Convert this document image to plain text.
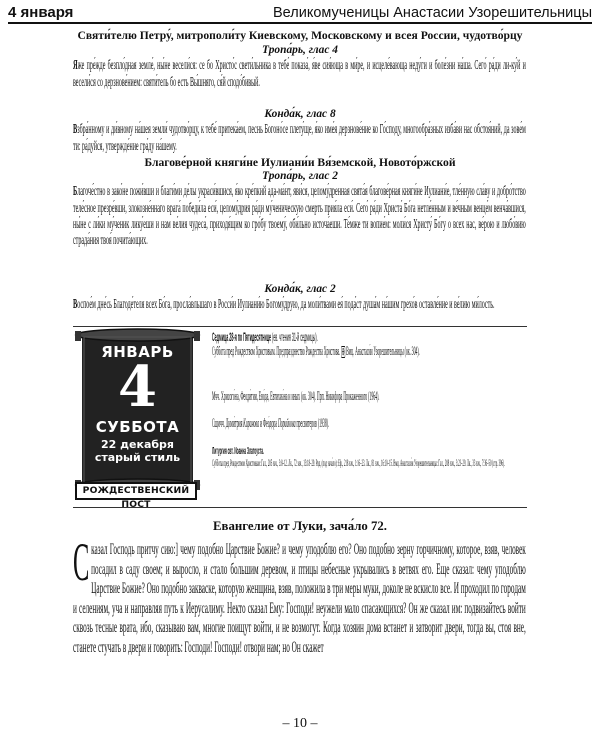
4 января	Великомученицы Анастасии Узорешительницы
Святи́телю Петру́, митрополи́ту Киевскому, Московскому и всея России, чудотво́рцу
Тропа́рь, глас 4
Яже пре́жде безпло́дная земле́, ны́не весели́ся: се бо Христо́с свети́льника в тебе́ показа́, я́ве сия́юща в ми́ре, и исцеле́вающа неду́ги и боле́зни на́ша. Сего́ ра́ди ли-ку́й и весели́ся со дерзнове́нием: святи́тель бо есть Вы́шняго, ся́й сподо́бивый.
Конда́к, глас 8
Взбра́нному и ди́вному на́шея земли́ чудотво́рцу, к тебе́ притека́ем, песнь Богоно́се плету́ще, я́ко име́я дерзнове́ние ко Го́споду, многообра́зных изба́ви нас обстоя́ний, да зове́м ти: ра́дуйся, утвержде́ние гра́ду на́шему.
Благове́рной княги́не Иулиани́и Вя́земской, Новото́ржской
Тропа́рь, глас 2
Благоче́стно в зако́не пожи́вши и благи́ми де́лы украси́вшися, я́ко кре́пкий ада-ма́нт, яви́ся, целому́дренная свята́я благове́рная княги́не Иулиани́е, тле́нную сла́ву и добро́тство теле́сное презре́вши, злокозне́ннаго врага́ победи́ла еси́, целому́дрия ра́ди му́ченическую смерть прия́ла еси́. Сего́ ра́ди Христа́ Бо́га нетле́нным и ве́чным венце́м венча́вшися, ны́не с ли́ки му́ченик лику́еши и нам ве́лия чудеса́, приходя́щим ко гро́бу твоему́, оби́льно источа́еши. Те́мже ти вопие́м: моли́ся Христу́ Бо́гу о всех нас, ве́рою и любо́вию страда́ния твоя́ почита́ющих.
Конда́к, глас 2
Воспое́м дне́сь Благоде́теля всех Бо́га, просла́вльшаго в Росси́и Иулиани́ю Богому́друю, да моли́твами ея́ пода́ст душа́м на́шим грехо́в оставле́ние и ве́лию ми́лость.
ЯНВАРЬ
4
СУББОТА
22 декабря
старый стиль
РОЖДЕСТВЕНСКИЙ ПОСТ
Седмица 28-я по Пятидесятнице (ев. чтения 31-й седмицы).
Суббота пред Рождеством Христовым. Предпразднество Рождества Христова. ⊕ Вмц. Анастаси́и Узорешительницы (ок. 304).
Мчч. Хрисого́на, Феоди́тии, Ево́да, Евтихиа́на и иных (ок. 304). Прп. Никифора Прокаженного (1964).
Сщмчч. Дими́трия Киранова и Фео́дора Порийкова пресвитеров (1938).
Литургия свт. Иоанна Златоуста.
Субботы пред Рождеством Христовым: Гал., 205 зач., 3:8–12. Лк., 72 зач., 13:18–29. Рвд. (под зача́ло): Еф., 218 зач., 1:16–23. Лк., 81 зач., 16:10–15. Вмц. Анастаси́и Узорешительницы: Гал., 208 зач., 3:23–29. Лк., 33 зач., 7:36–50 (стр. 396).
Евангелие от Луки, зача́ло 72.
Сказал Господь притчу сию:] чему подобно Царствие Божие? и чему уподоблю его? Оно подобно зерну горчичному, которое, взяв, человек посадил в саду своем; и выросло, и стало большим деревом, и птицы небесные укрывались в ветвях его. Еще сказал: чему уподоблю Царствие Божие? Оно подобно закваске, которую женщина, взяв, положила в три меры муки, доколе не вскисло все. И проходил по городам и селениям, уча и направляя путь к Иерусалиму. Некто сказал Ему: Господи! неужели мало спасающихся? Он же сказал им: подвизайтесь войти сквозь тесные врата, ибо, сказываю вам, многие поищут войти, и не возмогут. Когда хозяин дома встанет и затворит двери, тогда вы, стоя вне, станете стучать в двери и говорить: Господи! Господи! отвори нам; но Он скажет
– 10 –
